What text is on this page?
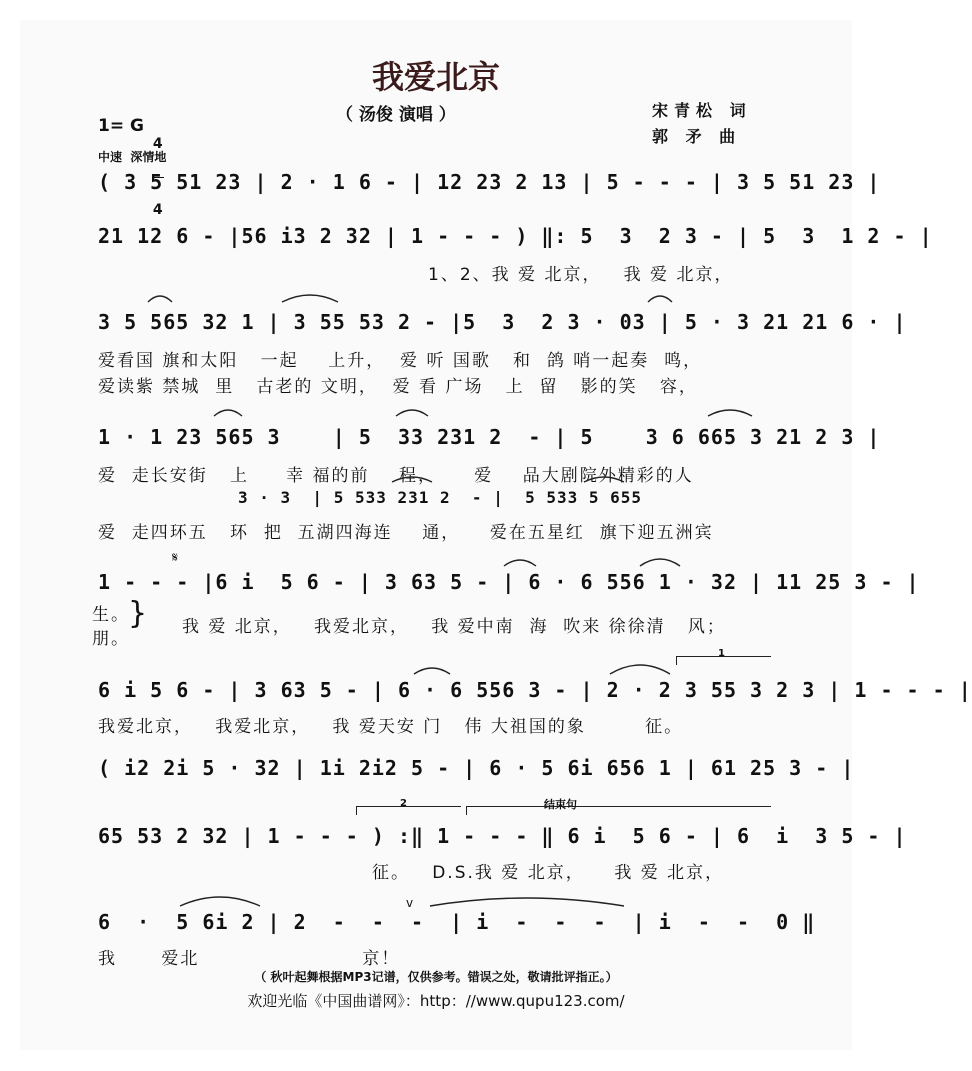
我爱北京
（ 汤俊 演唱 ）	宋青松 词
郭 矛 曲
1= G

4

4

中速  深情地
( 3 5 51 23 | 2 · 1 6 - | 12 23 2 13 | 5 - - - | 3 5 51 23 |
21 12 6 - |56 i3 2 32 | 1 - - - ) ‖: 5  3  2 3 - | 5  3  1 2 - |
1、2、我 爱 北京，   我 爱 北京，
3 5 565 32 1 | 3 55 53 2 - |5  3  2 3 · 03 | 5 · 3 21 21 6 · |
爱看国 旗和太阳   一起    上升，  爱 听 国歌   和  鸽 哨一起奏  鸣，
爱读紫 禁城  里   古老的 文明，  爱 看 广场   上  留   影的笑   容，
1 · 1 23 565 3    | 5  33 231 2  - | 5    3 6 665 3 21 2 3 |
爱  走长安街   上     幸 福的前    程，     爱    品大剧院外精彩的人
3 · 3  | 5 533 231 2  - |  5 533 5 655
爱  走四环五   环  把  五湖四海连    通，    爱在五星红  旗下迎五洲宾
𝄋
1 - - - |6 i  5 6 - | 3 63 5 - | 6 · 6 556 1 · 32 | 11 25 3 - |
生。
朋。
} 我 爱 北京，   我爱北京，   我 爱中南  海  吹来 徐徐清   风；
1
6 i 5 6 - | 3 63 5 - | 6 · 6 556 3 - | 2 · 2 3 55 3 2 3 | 1 - - - |
我爱北京，   我爱北京，   我 爱天安 门   伟 大祖国的象        征。
( i2 2i 5 · 32 | 1i 2i2 5 - | 6 · 5 6i 656 1 | 61 25 3 - |
2	结束句
65 53 2 32 | 1 - - - ) :‖ 1 - - - ‖ 6 i  5 6 - | 6  i  3 5 - |
征。   D.S.我 爱 北京，    我 爱 北京，
v
6  ·  5 6i 2 | 2  -  -  -  | i  -  -  -  | i  -  -  0 ‖
我      爱北                      京！
（ 秋叶起舞根据MP3记谱，仅供参考。错误之处，敬请批评指正。）
欢迎光临《中国曲谱网》：http：//www.qupu123.com/
